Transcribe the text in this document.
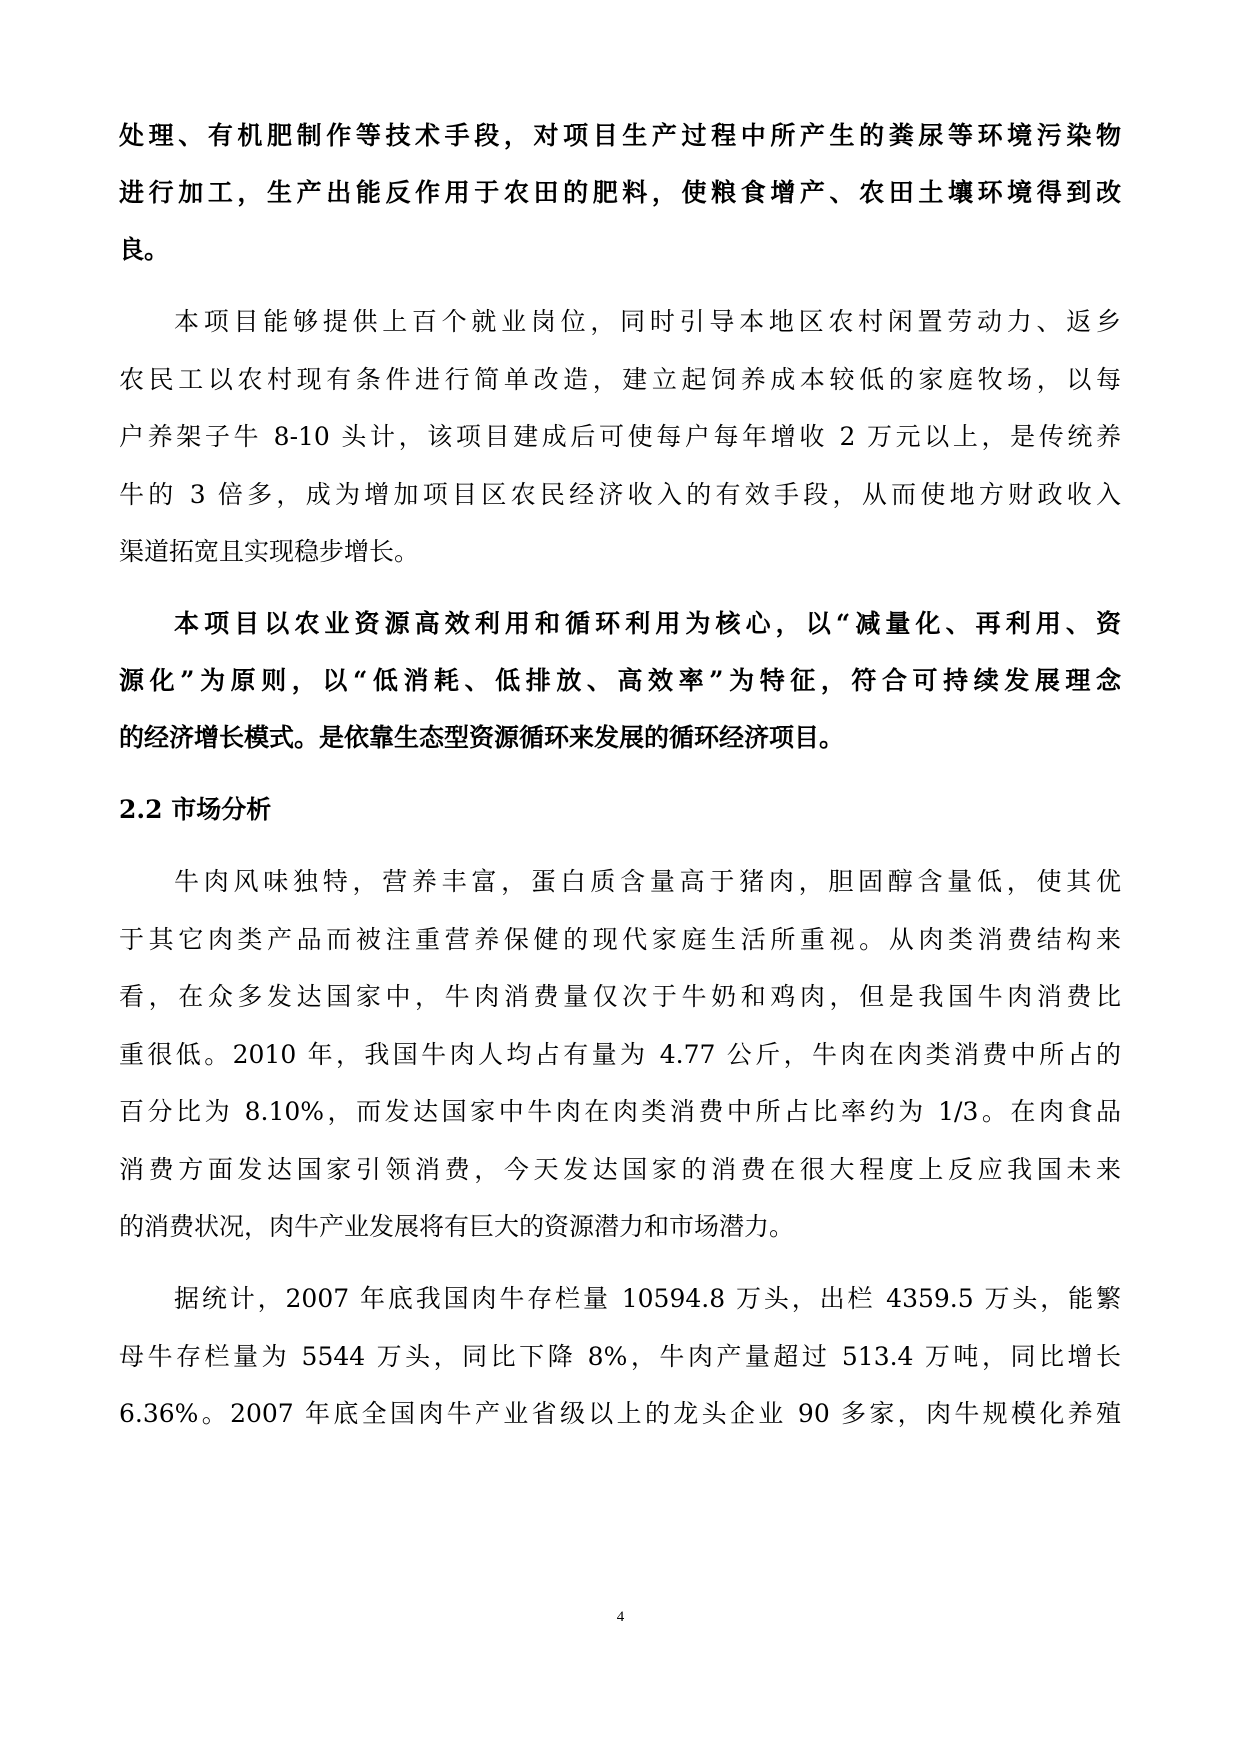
处理、有机肥制作等技术手段，对项目生产过程中所产生的粪尿等环境污染物
进行加工，生产出能反作用于农田的肥料，使粮食增产、农田土壤环境得到改
良。
本项目能够提供上百个就业岗位，同时引导本地区农村闲置劳动力、返乡
农民工以农村现有条件进行简单改造，建立起饲养成本较低的家庭牧场，以每
户养架子牛 8-10 头计，该项目建成后可使每户每年增收 2 万元以上，是传统养
牛的 3 倍多，成为增加项目区农民经济收入的有效手段，从而使地方财政收入
渠道拓宽且实现稳步增长。
本项目以农业资源高效利用和循环利用为核心，以“减量化、再利用、资
源化”为原则，以“低消耗、低排放、高效率”为特征，符合可持续发展理念
的经济增长模式。是依靠生态型资源循环来发展的循环经济项目。
2.2 市场分析
牛肉风味独特，营养丰富，蛋白质含量高于猪肉，胆固醇含量低，使其优
于其它肉类产品而被注重营养保健的现代家庭生活所重视。从肉类消费结构来
看，在众多发达国家中，牛肉消费量仅次于牛奶和鸡肉，但是我国牛肉消费比
重很低。2010 年，我国牛肉人均占有量为 4.77 公斤，牛肉在肉类消费中所占的
百分比为 8.10%，而发达国家中牛肉在肉类消费中所占比率约为 1/3。在肉食品
消费方面发达国家引领消费，今天发达国家的消费在很大程度上反应我国未来
的消费状况，肉牛产业发展将有巨大的资源潜力和市场潜力。
据统计，2007 年底我国肉牛存栏量 10594.8 万头，出栏 4359.5 万头，能繁
母牛存栏量为 5544 万头，同比下降 8%，牛肉产量超过 513.4 万吨，同比增长
6.36%。2007 年底全国肉牛产业省级以上的龙头企业 90 多家，肉牛规模化养殖
4
